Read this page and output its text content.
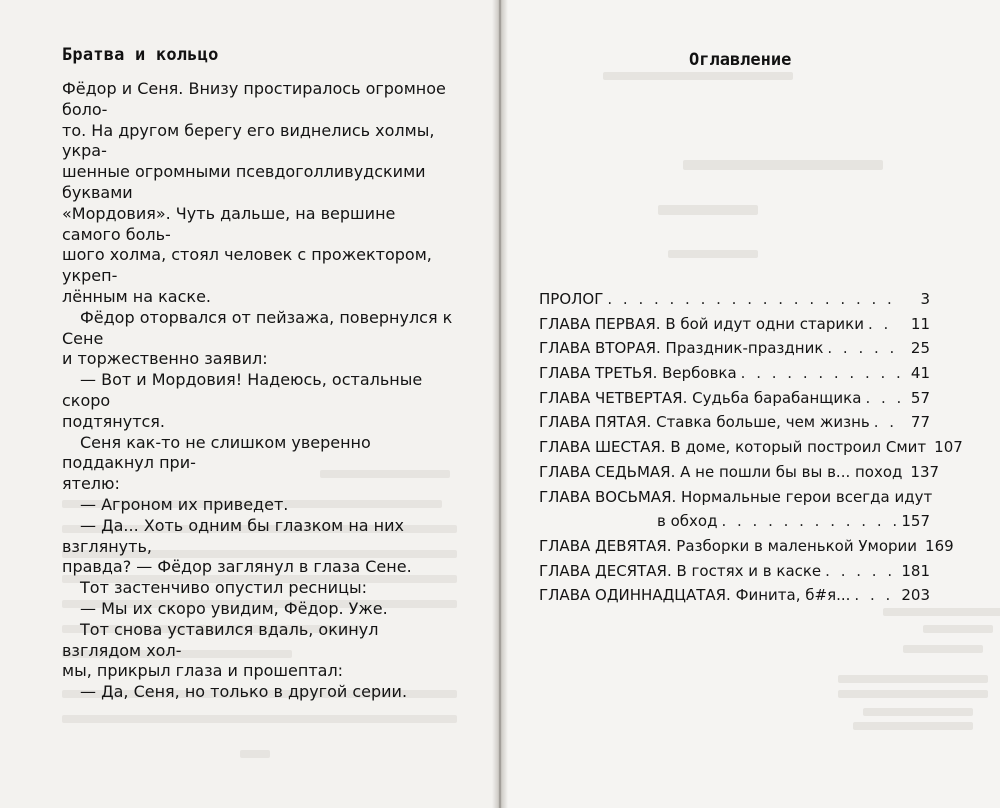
Братва и кольцо

Фёдор и Сеня. Внизу простиралось огромное боло-

то. На другом берегу его виднелись холмы, укра-

шенные огромными псевдоголливудскими буквами

«Мордовия». Чуть дальше, на вершине самого боль-

шого холма, стоял человек с прожектором, укреп-

лённым на каске.

Фёдор оторвался от пейзажа, повернулся к Сене

и торжественно заявил:

— Вот и Мордовия! Надеюсь, остальные скоро

подтянутся.

Сеня как-то не слишком уверенно поддакнул при-

ятелю:

— Агроном их приведет.

— Да... Хоть одним бы глазком на них взглянуть,

правда? — Фёдор заглянул в глаза Сене.

Тот застенчиво опустил ресницы:

— Мы их скоро увидим, Фёдор. Уже.

Тот снова уставился вдаль, окинул взглядом хол-

мы, прикрыл глаза и прошептал:

— Да, Сеня, но только в другой серии.

Оглавление
ПРОЛОГ . . .	3
ГЛАВА ПЕРВАЯ. В бой идут одни старики . . .	11
ГЛАВА ВТОРАЯ. Праздник-праздник . . .	25
ГЛАВА ТРЕТЬЯ. Вербовка . . .	41
ГЛАВА ЧЕТВЕРТАЯ. Судьба барабанщика . . .	57
ГЛАВА ПЯТАЯ. Ставка больше, чем жизнь . . .	77
ГЛАВА ШЕСТАЯ. В доме, который построил Смит 107
ГЛАВА СЕДЬМАЯ. А не пошли бы вы в... поход 137
ГЛАВА ВОСЬМАЯ. Нормальные герои всегда идут
в обход . . .	157
ГЛАВА ДЕВЯТАЯ. Разборки в маленькой Умории 169
ГЛАВА ДЕСЯТАЯ. В гостях и в каске . . .	181
ГЛАВА ОДИННАДЦАТАЯ. Финита, б#я... . . .	203
